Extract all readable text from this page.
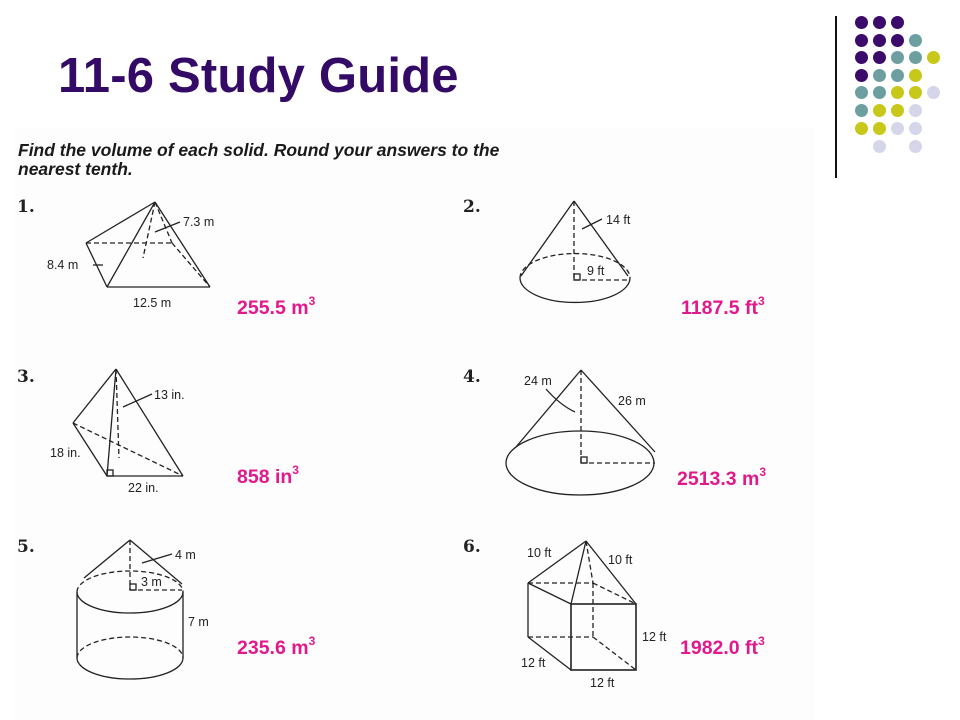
11-6 Study Guide
Find the volume of each solid. Round your answers to the
nearest tenth.
1.	2.
3.	4.
5.	6.
7.3 m
8.4 m
12.5 m	255.5 $m^3$
14 ft
9 ft
1187.5 $ft^3$
13 in.
18 in.
22 in.	858 $in^3$
24 m
26 m
2513.3 $m^3$
4 m
3 m
7 m
235.6 $m^3$
10 ft	10 ft
12 ft
12 ft
12 ft
1982.0 $ft^3$
